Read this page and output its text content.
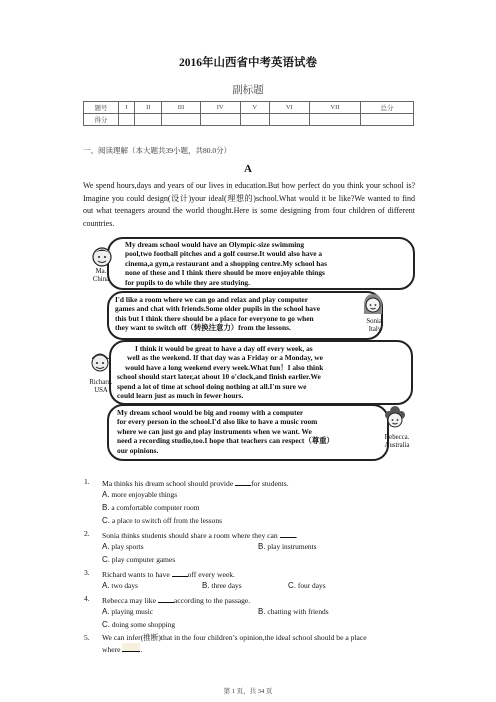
2016年山西省中考英语试卷
副标题
题号	I	II	III	IV	V	VI	VII	总分
得分								
一、阅读理解（本大题共39小题，共80.0分）
A
We spend hours,days and years of our lives in education.But how perfect do you think your school is?Imagine you could design(设计)your ideal(理想的)school.What would it be like?We wanted to find out what teenagers around the world thought.Here is some designing from four children of different countries.
My dream school would have an Olympic-size swimming
pool,two football pitches and a golf course.It would also have a
cinema,a gym,a restaurant and a shopping centre.My school has
none of these and I think there should be more enjoyable things
for pupils to do while they are studying.
Ma.
China
I'd like a room where we can go and relax and play computer
games and chat with friends.Some older pupils in the school have
this but I think there should be a place for everyone to go when
they want to switch off（转换注意力）from the lessons.
Sonia.
Italy
I think it would be great to have a day off every week, as
well as the weekend. If that day was a Friday or a Monday, we
would have a long weekend every week.What fun！I also think
school should start later,at about 10 o'clock,and finish earlier.We
spend a lot of time at school doing nothing at all.I'm sure we
could learn just as much in fewer hours.
Richard.
USA
My dream school would be big and roomy with a computer
for every person in the school.I'd also like to have a music room
where we can just go and play instruments when we want. We
need a recording studio,too.I hope that teachers can respect（尊重）
our opinions.
Rebecca.
Australia
1. Ma thinks his dream school should provide for students.
A. more enjoyable things
B. a comfortable computer room
C. a place to switch off from the lessons
2. Sonia thinks students should share a room where they can .
A. play sports	B. play instruments
C. play computer games
3. Richard wants to have off every week.
A. two days	B. three days	C. four days
4. Rebecca may like according to the passage.
A. playing music	B. chatting with friends
C. doing some shopping
5. We can infer(推断)that in the four children’s opinion,the ideal school should be a place
where .
第 1 页，共 34 页
